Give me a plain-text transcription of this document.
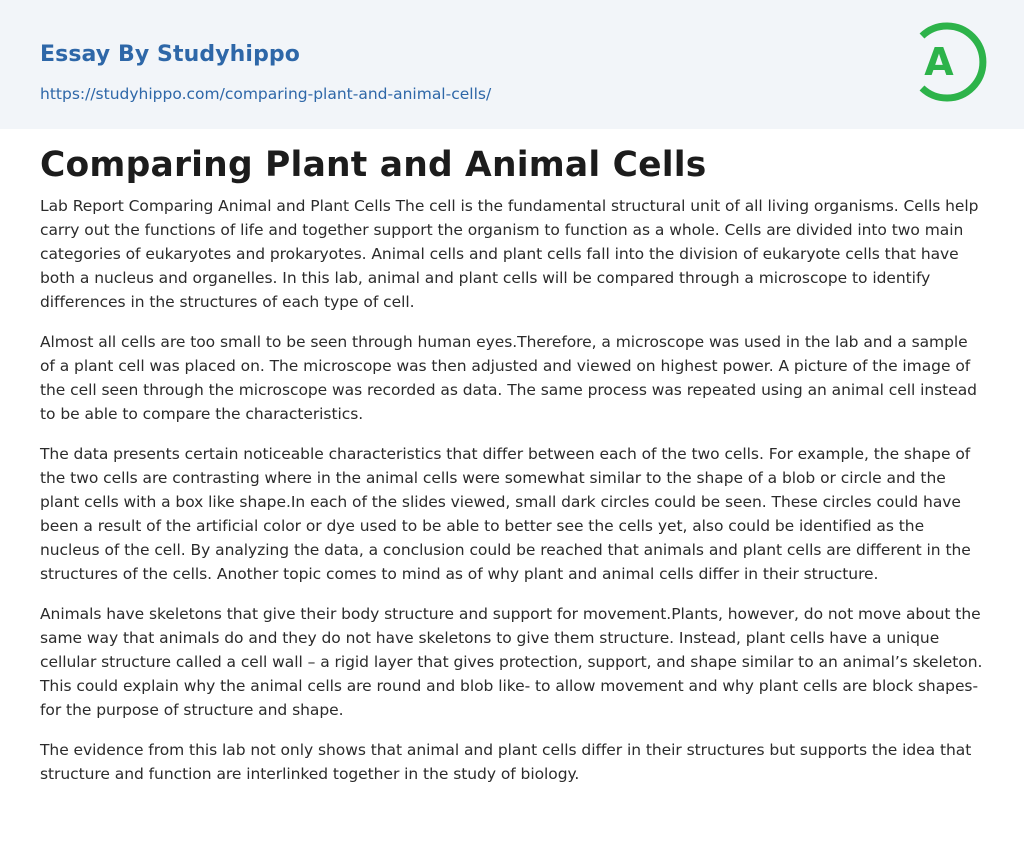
Essay By Studyhippo
https://studyhippo.com/comparing-plant-and-animal-cells/
A
Comparing Plant and Animal Cells

Lab Report Comparing Animal and Plant Cells The cell is the fundamental structural unit of all living organisms. Cells help carry out the functions of life and together support the organism to function as a whole. Cells are divided into two main categories of eukaryotes and prokaryotes. Animal cells and plant cells fall into the division of eukaryote cells that have both a nucleus and organelles. In this lab, animal and plant cells will be compared through a microscope to identify differences in the structures of each type of cell.

Almost all cells are too small to be seen through human eyes.Therefore, a microscope was used in the lab and a sample of a plant cell was placed on. The microscope was then adjusted and viewed on highest power. A picture of the image of the cell seen through the microscope was recorded as data. The same process was repeated using an animal cell instead to be able to compare the characteristics.

The data presents certain noticeable characteristics that differ between each of the two cells. For example, the shape of the two cells are contrasting where in the animal cells were somewhat similar to the shape of a blob or circle and the plant cells with a box like shape.In each of the slides viewed, small dark circles could be seen. These circles could have been a result of the artificial color or dye used to be able to better see the cells yet, also could be identified as the nucleus of the cell. By analyzing the data, a conclusion could be reached that animals and plant cells are different in the structures of the cells. Another topic comes to mind as of why plant and animal cells differ in their structure.

Animals have skeletons that give their body structure and support for movement.Plants, however, do not move about the same way that animals do and they do not have skeletons to give them structure. Instead, plant cells have a unique cellular structure called a cell wall – a rigid layer that gives protection, support, and shape similar to an animal’s skeleton. This could explain why the animal cells are round and blob like- to allow movement and why plant cells are block shapes- for the purpose of structure and shape.

The evidence from this lab not only shows that animal and plant cells differ in their structures but supports the idea that structure and function are interlinked together in the study of biology.
